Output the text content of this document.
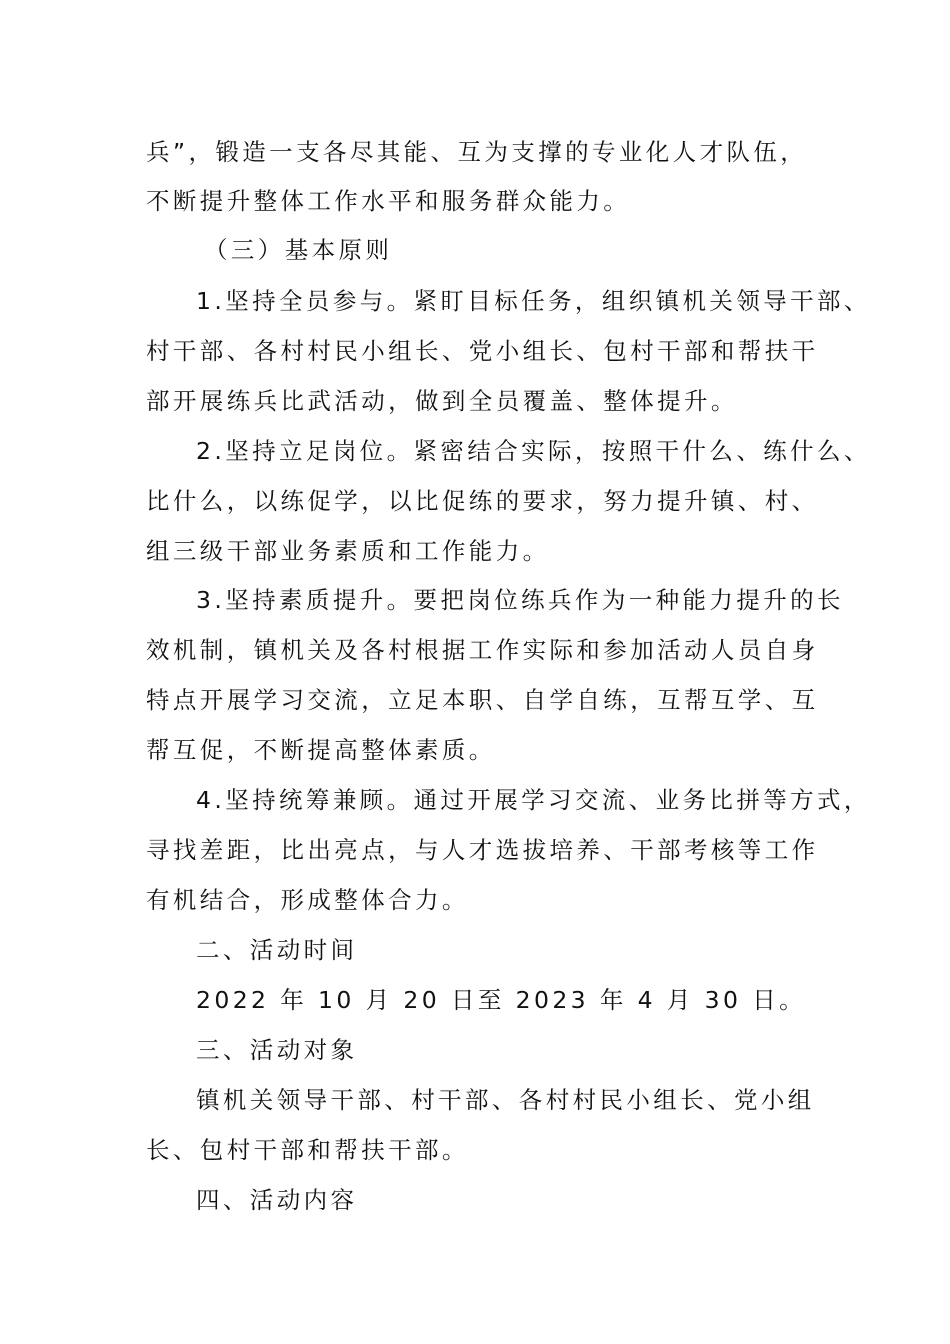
兵”，锻造一支各尽其能、互为支撑的专业化人才队伍，
不断提升整体工作水平和服务群众能力。
（三）基本原则
1.坚持全员参与。紧盯目标任务，组织镇机关领导干部、
村干部、各村村民小组长、党小组长、包村干部和帮扶干
部开展练兵比武活动，做到全员覆盖、整体提升。
2.坚持立足岗位。紧密结合实际，按照干什么、练什么、
比什么，以练促学，以比促练的要求，努力提升镇、村、
组三级干部业务素质和工作能力。
3.坚持素质提升。要把岗位练兵作为一种能力提升的长
效机制，镇机关及各村根据工作实际和参加活动人员自身
特点开展学习交流，立足本职、自学自练，互帮互学、互
帮互促，不断提高整体素质。
4.坚持统筹兼顾。通过开展学习交流、业务比拼等方式，
寻找差距，比出亮点，与人才选拔培养、干部考核等工作
有机结合，形成整体合力。
二、活动时间
2022 年 10 月 20 日至 2023 年 4 月 30 日。
三、活动对象
镇机关领导干部、村干部、各村村民小组长、党小组
长、包村干部和帮扶干部。
四、活动内容
